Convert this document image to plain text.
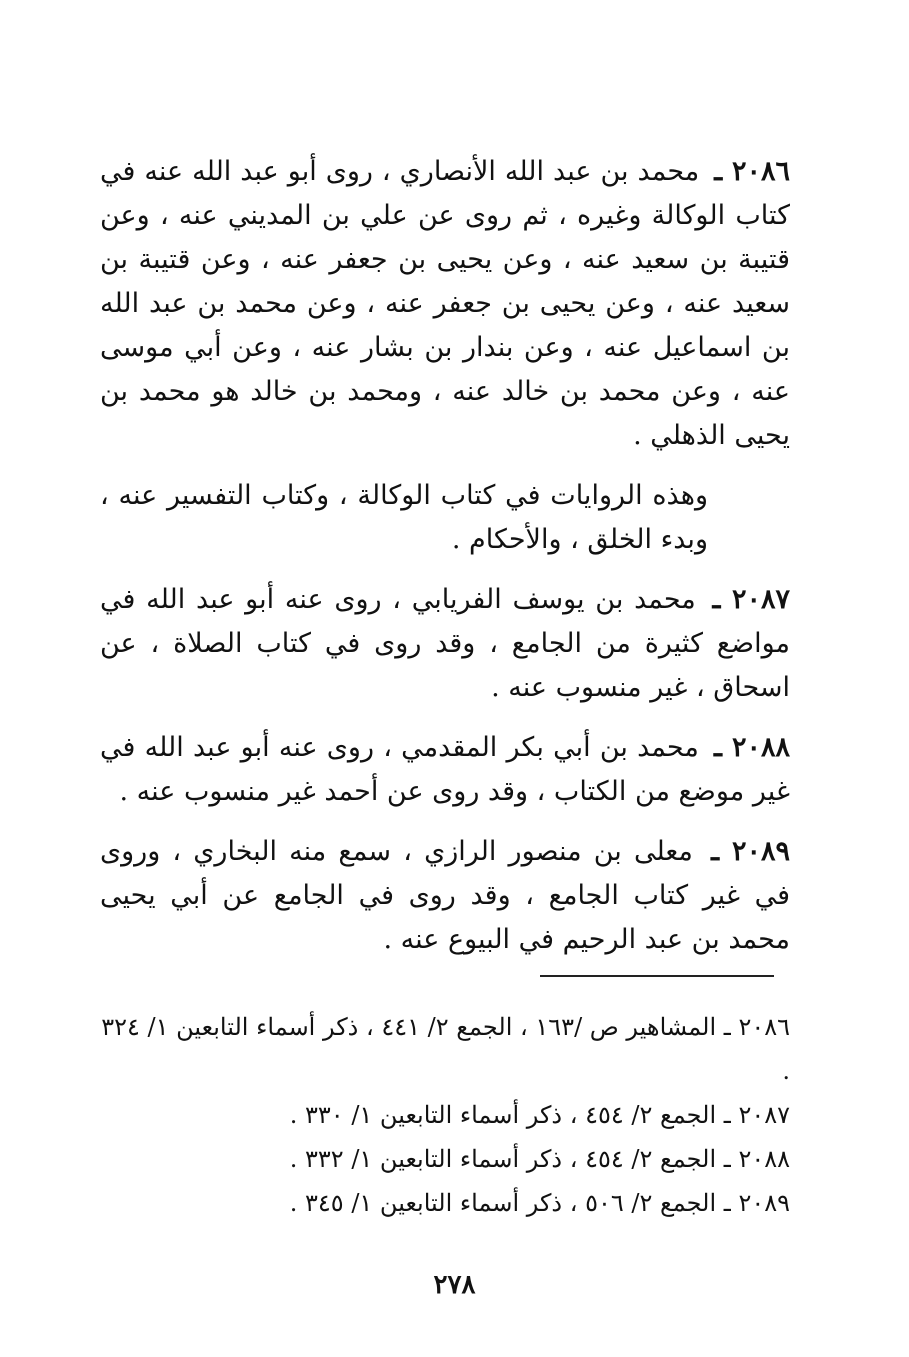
٢٠٨٦ ـ محمد بن عبد الله الأنصاري ، روى أبو عبد الله عنه في كتاب الوكالة وغيره ، ثم روى عن علي بن المديني عنه ، وعن قتيبة بن سعيد عنه ، وعن يحيى بن جعفر عنه ، وعن قتيبة بن سعيد عنه ، وعن يحيى بن جعفر عنه ، وعن محمد بن عبد الله بن اسماعيل عنه ، وعن بندار بن بشار عنه ، وعن أبي موسى عنه ، وعن محمد بن خالد عنه ، ومحمد بن خالد هو محمد بن يحيى الذهلي .

وهذه الروايات في كتاب الوكالة ، وكتاب التفسير عنه ، وبدء الخلق ، والأحكام .

٢٠٨٧ ـ محمد بن يوسف الفريابي ، روى عنه أبو عبد الله في مواضع كثيرة من الجامع ، وقد روى في كتاب الصلاة ، عن اسحاق ، غير منسوب عنه .

٢٠٨٨ ـ محمد بن أبي بكر المقدمي ، روى عنه أبو عبد الله في غير موضع من الكتاب ، وقد روى عن أحمد غير منسوب عنه .

٢٠٨٩ ـ معلى بن منصور الرازي ، سمع منه البخاري ، وروى في غير كتاب الجامع ، وقد روى في الجامع عن أبي يحيى محمد بن عبد الرحيم في البيوع عنه .

٢٠٨٦ ـ المشاهير ص /١٦٣ ، الجمع ٢/ ٤٤١ ، ذكر أسماء التابعين ١/ ٣٢٤ .

٢٠٨٧ ـ الجمع ٢/ ٤٥٤ ، ذكر أسماء التابعين ١/ ٣٣٠ .

٢٠٨٨ ـ الجمع ٢/ ٤٥٤ ، ذكر أسماء التابعين ١/ ٣٣٢ .

٢٠٨٩ ـ الجمع ٢/ ٥٠٦ ، ذكر أسماء التابعين ١/ ٣٤٥ .

٢٧٨
